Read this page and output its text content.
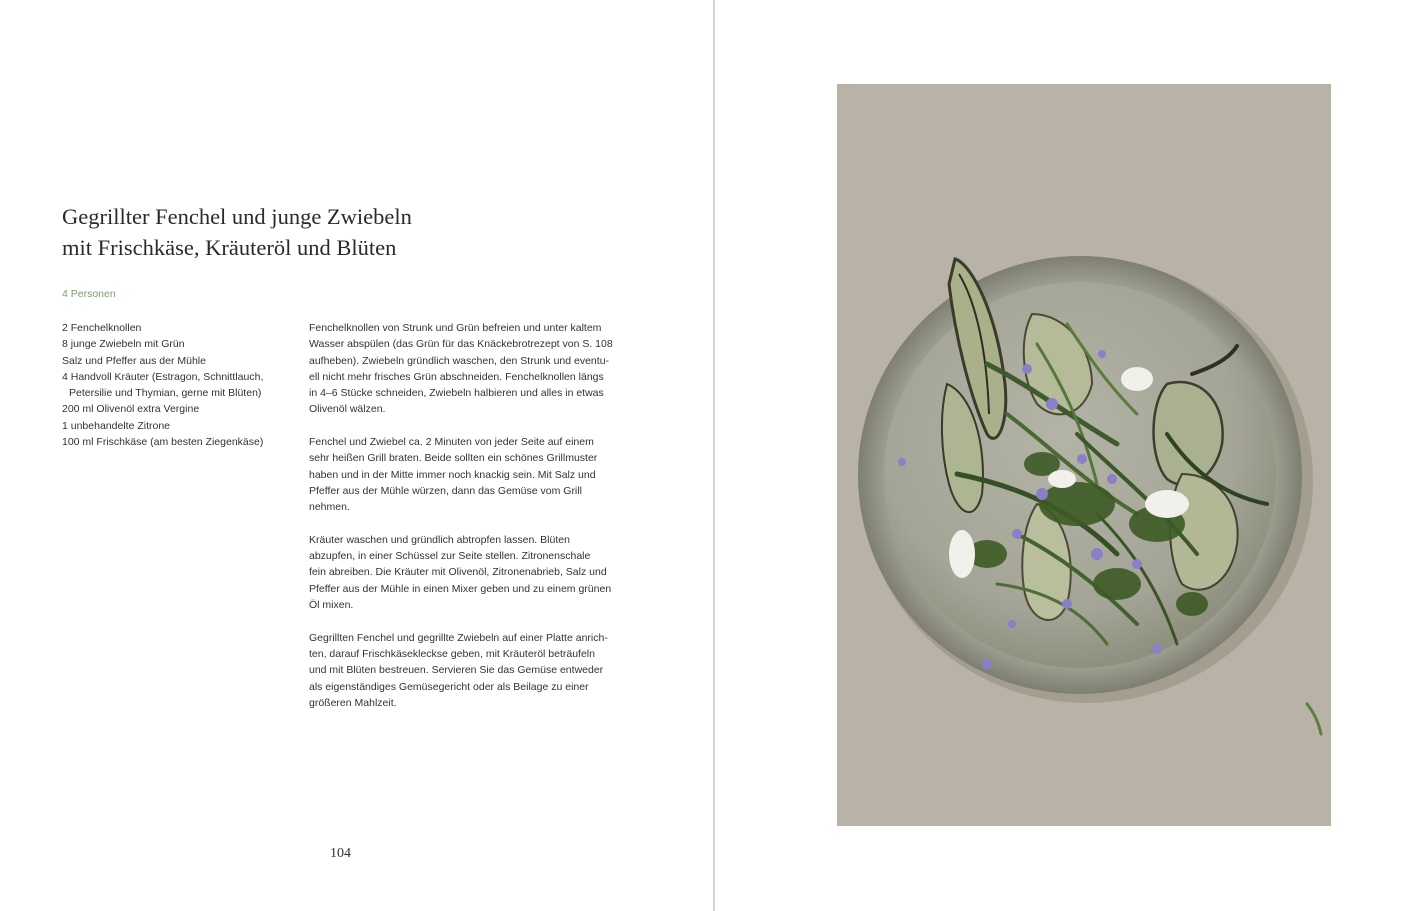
Gegrillter Fenchel und junge Zwiebeln
mit Frischkäse, Kräuteröl und Blüten
4 Personen
2 Fenchelknollen
8 junge Zwiebeln mit Grün
Salz und Pfeffer aus der Mühle
4 Handvoll Kräuter (Estragon, Schnittlauch,
Petersilie und Thymian, gerne mit Blüten)
200 ml Olivenöl extra Vergine
1 unbehandelte Zitrone
100 ml Frischkäse (am besten Ziegenkäse)

Fenchelknollen von Strunk und Grün befreien und unter kaltem
Wasser abspülen (das Grün für das Knäckebrotrezept von S. 108
aufheben). Zwiebeln gründlich waschen, den Strunk und eventu-
ell nicht mehr frisches Grün abschneiden. Fenchelknollen längs
in 4–6 Stücke schneiden, Zwiebeln halbieren und alles in etwas
Olivenöl wälzen.

Fenchel und Zwiebel ca. 2 Minuten von jeder Seite auf einem
sehr heißen Grill braten. Beide sollten ein schönes Grillmuster
haben und in der Mitte immer noch knackig sein. Mit Salz und
Pfeffer aus der Mühle würzen, dann das Gemüse vom Grill
nehmen.

Kräuter waschen und gründlich abtropfen lassen. Blüten
abzupfen, in einer Schüssel zur Seite stellen. Zitronenschale
fein abreiben. Die Kräuter mit Olivenöl, Zitronenabrieb, Salz und
Pfeffer aus der Mühle in einen Mixer geben und zu einem grünen
Öl mixen.

Gegrillten Fenchel und gegrillte Zwiebeln auf einer Platte anrich-
ten, darauf Frischkäsekleckse geben, mit Kräuteröl beträufeln
und mit Blüten bestreuen. Servieren Sie das Gemüse entweder
als eigenständiges Gemüsegericht oder als Beilage zu einer
größeren Mahlzeit.

104
